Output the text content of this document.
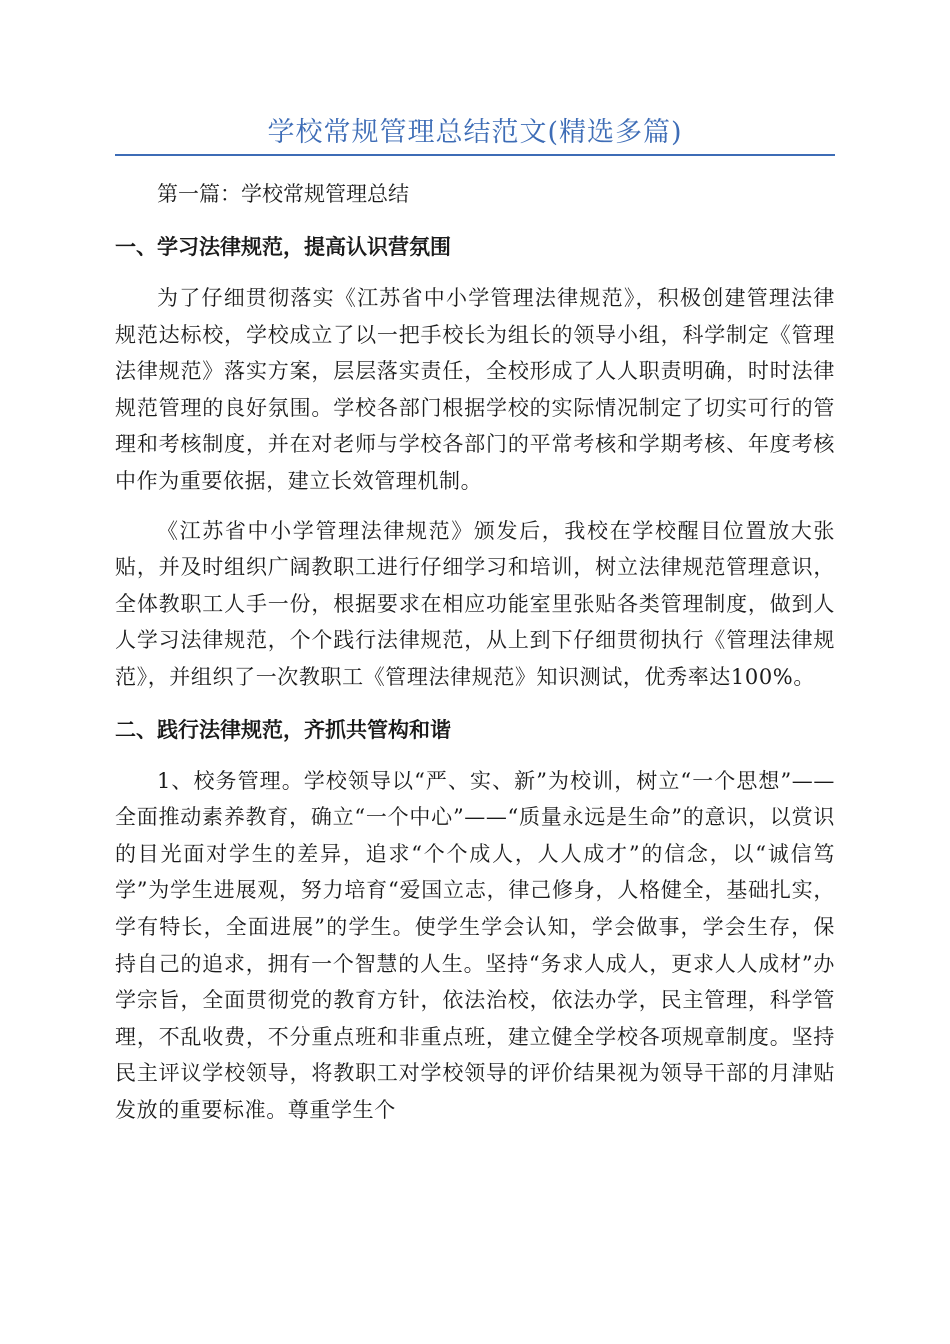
学校常规管理总结范文(精选多篇)

第一篇：学校常规管理总结

一、学习法律规范，提高认识营氛围

为了仔细贯彻落实《江苏省中小学管理法律规范》，积极创建管理法律规范达标校，学校成立了以一把手校长为组长的领导小组，科学制定《管理法律规范》落实方案，层层落实责任，全校形成了人人职责明确，时时法律规范管理的良好氛围。学校各部门根据学校的实际情况制定了切实可行的管理和考核制度，并在对老师与学校各部门的平常考核和学期考核、年度考核中作为重要依据，建立长效管理机制。

《江苏省中小学管理法律规范》颁发后，我校在学校醒目位置放大张贴，并及时组织广阔教职工进行仔细学习和培训，树立法律规范管理意识，全体教职工人手一份，根据要求在相应功能室里张贴各类管理制度，做到人人学习法律规范，个个践行法律规范，从上到下仔细贯彻执行《管理法律规范》，并组织了一次教职工《管理法律规范》知识测试，优秀率达100%。

二、践行法律规范，齐抓共管构和谐

1、校务管理。学校领导以“严、实、新”为校训，树立“一个思想”——全面推动素养教育，确立“一个中心”——“质量永远是生命”的意识，以赏识的目光面对学生的差异，追求“个个成人，人人成才”的信念，以“诚信笃学”为学生进展观，努力培育“爱国立志，律己修身，人格健全，基础扎实，学有特长，全面进展”的学生。使学生学会认知，学会做事，学会生存，保持自己的追求，拥有一个智慧的人生。坚持“务求人成人，更求人人成材”办学宗旨，全面贯彻党的教育方针，依法治校，依法办学，民主管理，科学管理，不乱收费，不分重点班和非重点班，建立健全学校各项规章制度。坚持民主评议学校领导，将教职工对学校领导的评价结果视为领导干部的月津贴发放的重要标准。尊重学生个
